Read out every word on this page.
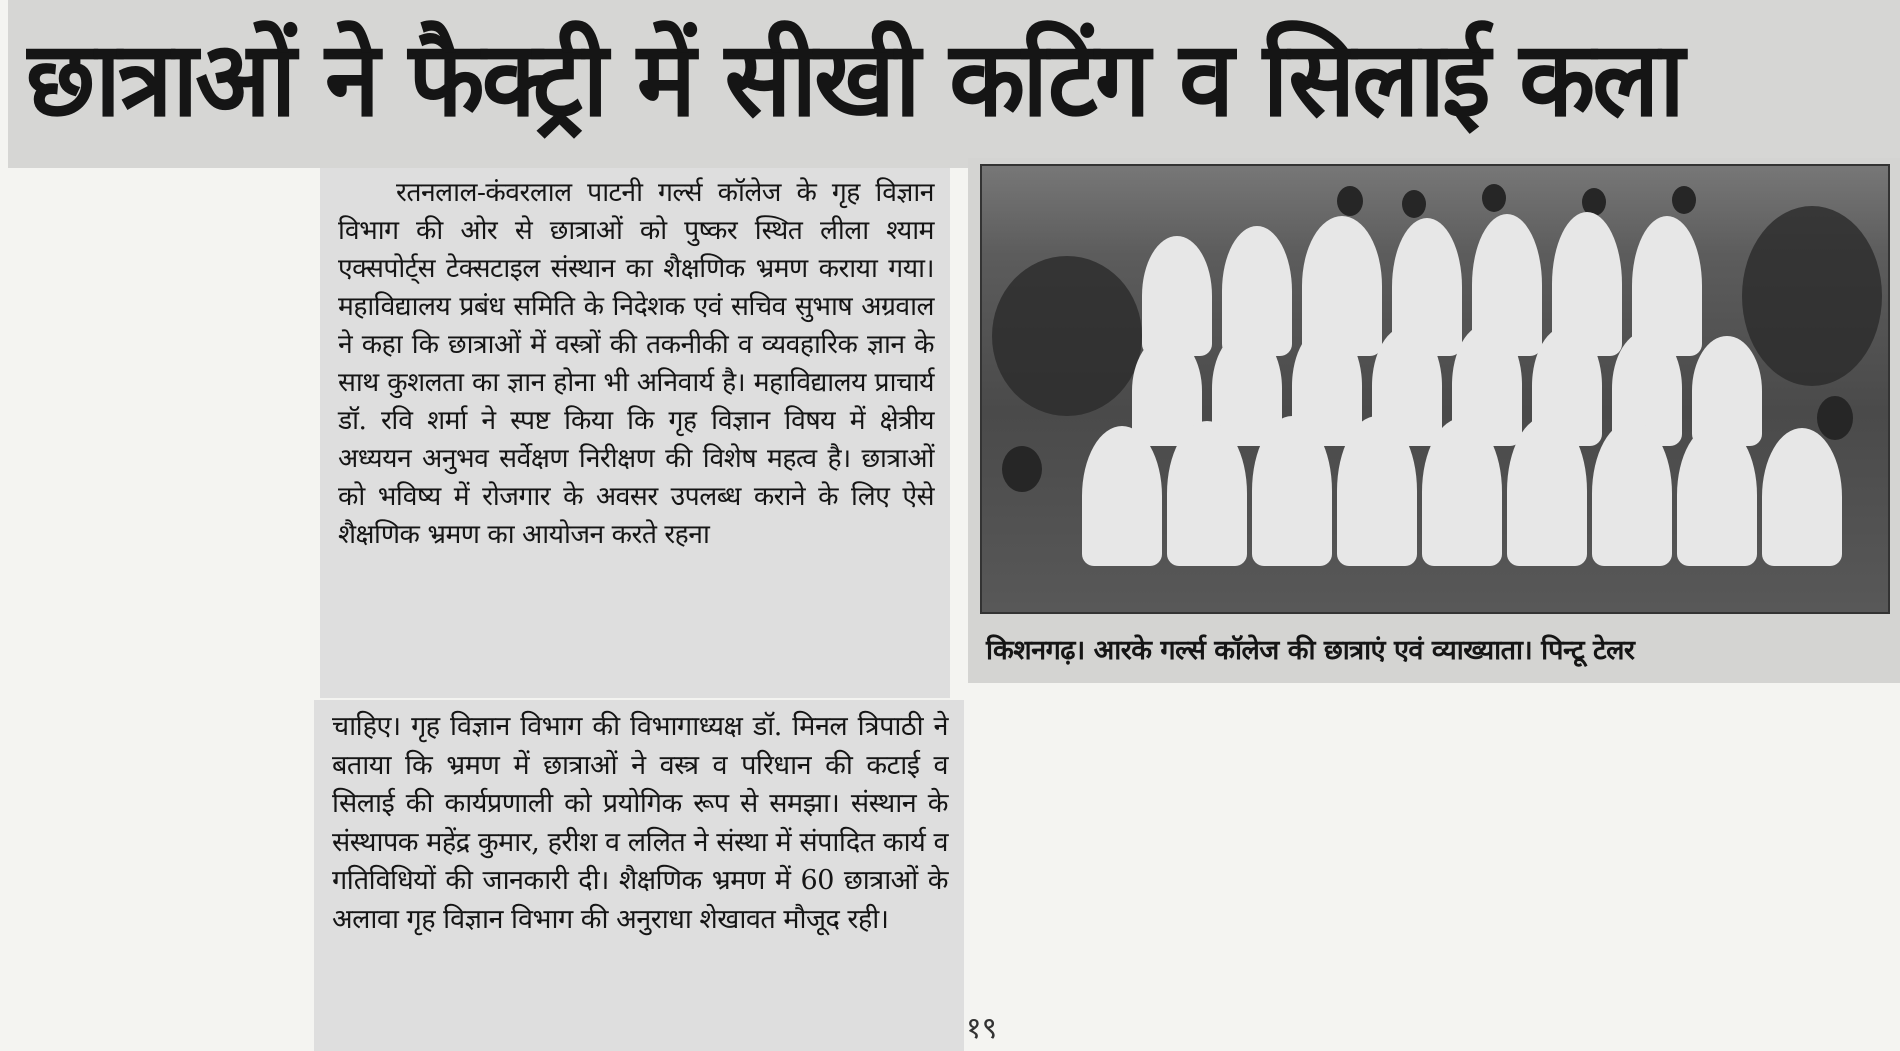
छात्राओं ने फैक्ट्री में सीखी कटिंग व सिलाई कला

रतनलाल-कंवरलाल पाटनी गर्ल्स कॉलेज के गृह विज्ञान विभाग की ओर से छात्राओं को पुष्कर स्थित लीला श्याम एक्सपोर्ट्स टेक्सटाइल संस्थान का शैक्षणिक भ्रमण कराया गया। महाविद्यालय प्रबंध समिति के निदेशक एवं सचिव सुभाष अग्रवाल ने कहा कि छात्राओं में वस्त्रों की तकनीकी व व्यवहारिक ज्ञान के साथ कुशलता का ज्ञान होना भी अनिवार्य है। महाविद्यालय प्राचार्य डॉ. रवि शर्मा ने स्पष्ट किया कि गृह विज्ञान विषय में क्षेत्रीय अध्ययन अनुभव सर्वेक्षण निरीक्षण की विशेष महत्व है। छात्राओं को भविष्य में रोजगार के अवसर उपलब्ध कराने के लिए ऐसे शैक्षणिक भ्रमण का आयोजन करते रहना

चाहिए। गृह विज्ञान विभाग की विभागाध्यक्ष डॉ. मिनल त्रिपाठी ने बताया कि भ्रमण में छात्राओं ने वस्त्र व परिधान की कटाई व सिलाई की कार्यप्रणाली को प्रयोगिक रूप से समझा। संस्थान के संस्थापक महेंद्र कुमार, हरीश व ललित ने संस्था में संपादित कार्य व गतिविधियों की जानकारी दी। शैक्षणिक भ्रमण में 60 छात्राओं के अलावा गृह विज्ञान विभाग की अनुराधा शेखावत मौजूद रही।

किशनगढ़। आरके गर्ल्स कॉलेज की छात्राएं एवं व्याख्याता। पिन्टू टेलर

१९
